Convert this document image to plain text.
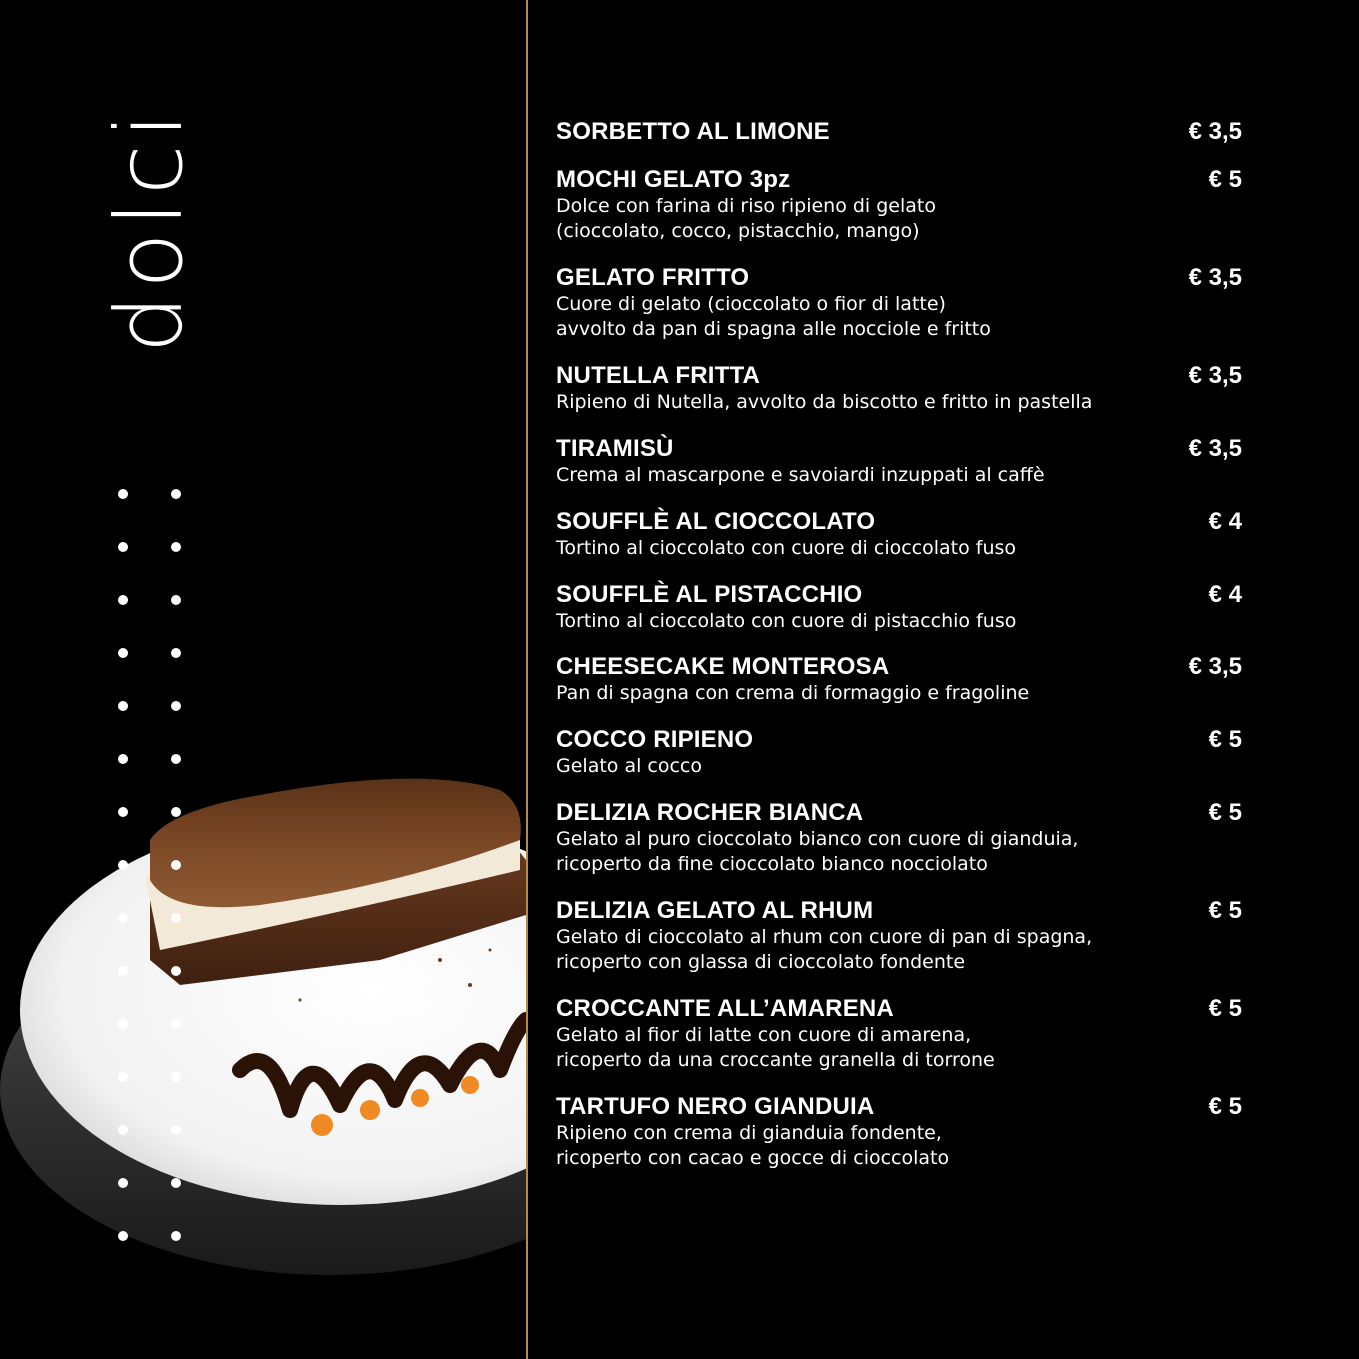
dolci	SORBETTO AL LIMONE	€ 3,5
MOCHI GELATO 3pz	€ 5
Dolce con farina di riso ripieno di gelato
(cioccolato, cocco, pistacchio, mango)
GELATO FRITTO	€ 3,5
Cuore di gelato (cioccolato o fior di latte)
avvolto da pan di spagna alle nocciole e fritto
NUTELLA FRITTA	€ 3,5
Ripieno di Nutella, avvolto da biscotto e fritto in pastella
TIRAMISÙ	€ 3,5
Crema al mascarpone e savoiardi inzuppati al caffè
SOUFFLÈ AL CIOCCOLATO	€ 4
Tortino al cioccolato con cuore di cioccolato fuso
SOUFFLÈ AL PISTACCHIO	€ 4
Tortino al cioccolato con cuore di pistacchio fuso
CHEESECAKE MONTEROSA	€ 3,5
Pan di spagna con crema di formaggio e fragoline
COCCO RIPIENO	€ 5
Gelato al cocco
DELIZIA ROCHER BIANCA	€ 5
Gelato al puro cioccolato bianco con cuore di gianduia,
ricoperto da fine cioccolato bianco nocciolato
DELIZIA GELATO AL RHUM	€ 5
Gelato di cioccolato al rhum con cuore di pan di spagna,
ricoperto con glassa di cioccolato fondente
CROCCANTE ALL’AMARENA	€ 5
Gelato al fior di latte con cuore di amarena,
ricoperto da una croccante granella di torrone
TARTUFO NERO GIANDUIA	€ 5
Ripieno con crema di gianduia fondente,
ricoperto con cacao e gocce di cioccolato
